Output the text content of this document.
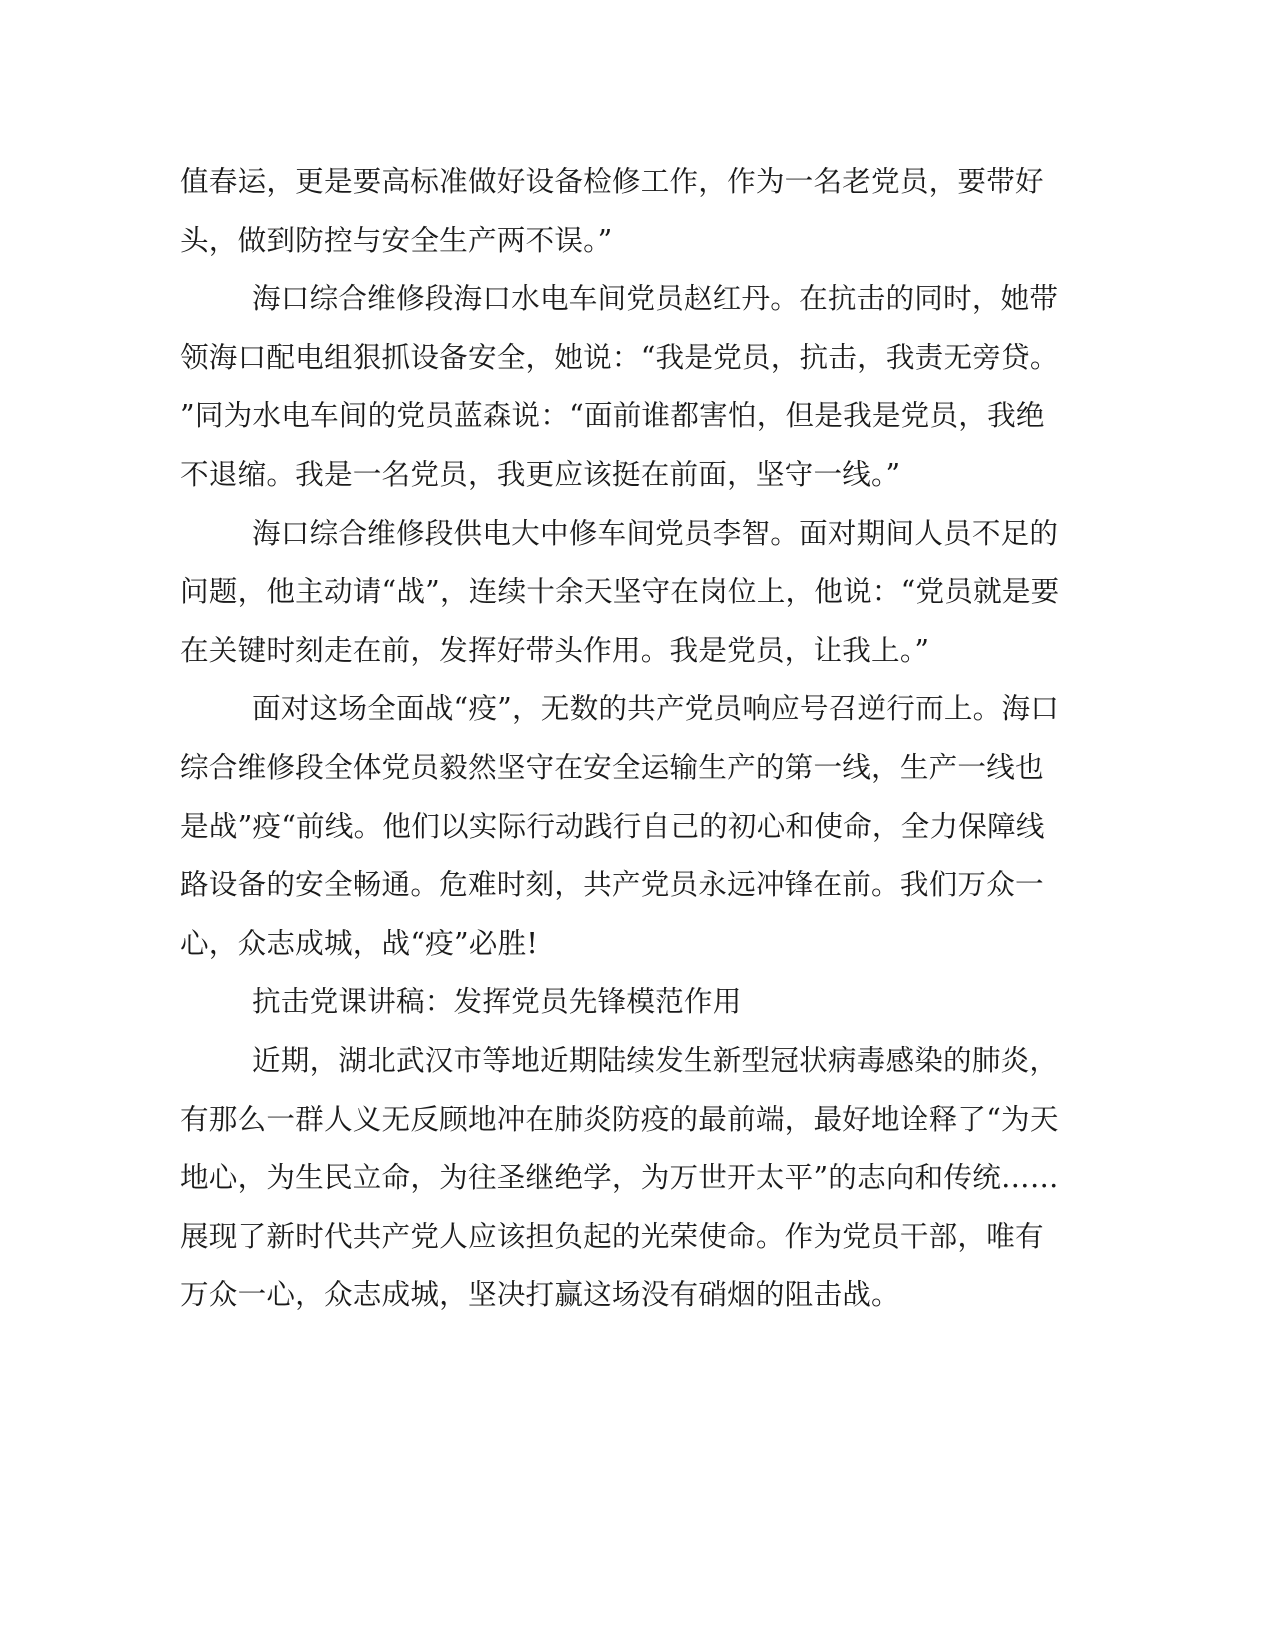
值春运，更是要高标准做好设备检修工作，作为一名老党员，要带好
头，做到防控与安全生产两不误。”
海口综合维修段海口水电车间党员赵红丹。在抗击的同时，她带
领海口配电组狠抓设备安全，她说：“我是党员，抗击，我责无旁贷。
”同为水电车间的党员蓝森说：“面前谁都害怕，但是我是党员，我绝
不退缩。我是一名党员，我更应该挺在前面，坚守一线。”
海口综合维修段供电大中修车间党员李智。面对期间人员不足的
问题，他主动请“战”，连续十余天坚守在岗位上，他说：“党员就是要
在关键时刻走在前，发挥好带头作用。我是党员，让我上。”
面对这场全面战“疫”，无数的共产党员响应号召逆行而上。海口
综合维修段全体党员毅然坚守在安全运输生产的第一线，生产一线也
是战”疫“前线。他们以实际行动践行自己的初心和使命，全力保障线
路设备的安全畅通。危难时刻，共产党员永远冲锋在前。我们万众一
心，众志成城，战“疫”必胜!
抗击党课讲稿：发挥党员先锋模范作用
近期，湖北武汉市等地近期陆续发生新型冠状病毒感染的肺炎，
有那么一群人义无反顾地冲在肺炎防疫的最前端，最好地诠释了“为天
地心，为生民立命，为往圣继绝学，为万世开太平”的志向和传统……
展现了新时代共产党人应该担负起的光荣使命。作为党员干部，唯有
万众一心，众志成城，坚决打赢这场没有硝烟的阻击战。
